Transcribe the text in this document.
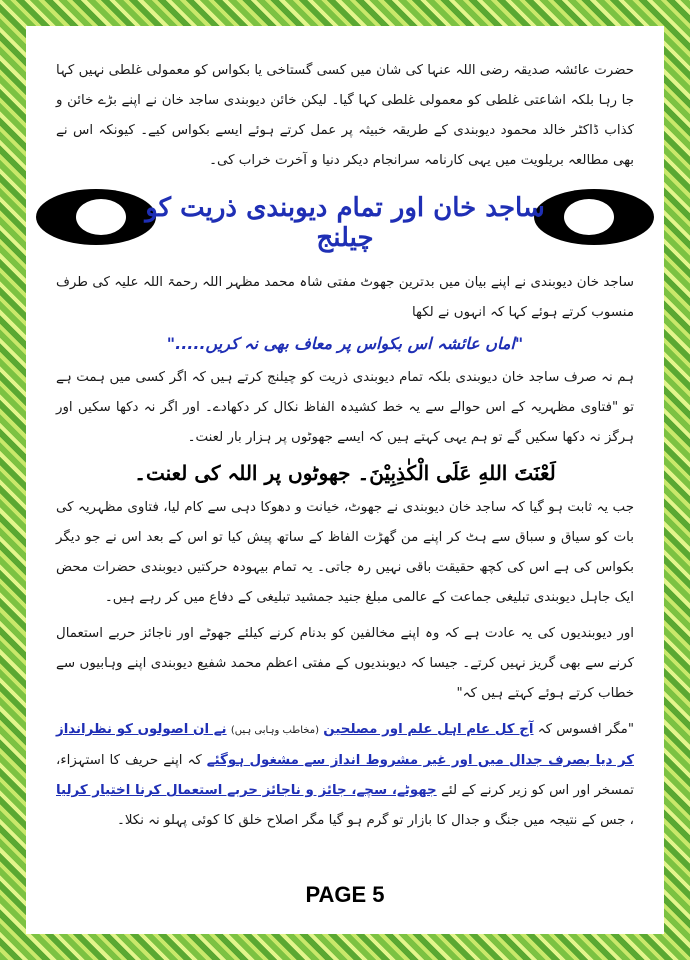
حضرت عائشہ صدیقہ رضی اللہ عنہا کی شان میں کسی گستاخی یا بکواس کو معمولی غلطی نہیں کہا جا رہا بلکہ اشاعتی غلطی کو معمولی غلطی کہا گیا۔ لیکن خائن دیوبندی ساجد خان نے اپنے بڑے خائن و کذاب ڈاکٹر خالد محمود دیوبندی کے طریقہ خبیثہ پر عمل کرتے ہوئے ایسے بکواس کیے۔ کیونکہ اس نے بھی مطالعہ بریلویت میں یہی کارنامہ سرانجام دیکر دنیا و آخرت خراب کی۔

ساجد خان دیوبندی نے اپنے بیان میں بدترین جھوٹ مفتی شاہ محمد مظہر اللہ رحمۃ اللہ علیہ کی طرف منسوب کرتے ہوئے کہا کہ انہوں نے لکھا

"اماں عائشہ اس بکواس پر معاف بھی نہ کریں....."

ہم نہ صرف ساجد خان دیوبندی بلکہ تمام دیوبندی ذریت کو چیلنج کرتے ہیں کہ اگر کسی میں ہمت ہے تو "فتاوی مظہریہ کے اس حوالے سے یہ خط کشیدہ الفاظ نکال کر دکھادے۔ اور اگر نہ دکھا سکیں اور ہرگز نہ دکھا سکیں گے تو ہم یہی کہتے ہیں کہ ایسے جھوٹوں پر ہزار بار لعنت۔

لَعْنَتَ اللهِ عَلَى الْكٰذِبِيْنَ۔ جھوٹوں پر اللہ کی لعنت۔

جب یہ ثابت ہو گیا کہ ساجد خان دیوبندی نے جھوٹ، خیانت و دھوکا دہی سے کام لیا، فتاوی مظہریہ کی بات کو سیاق و سباق سے ہٹ کر اپنے من گھڑت الفاظ کے ساتھ پیش کیا تو اس کے بعد اس نے جو دیگر بکواس کی ہے اس کی کچھ حقیقت باقی نہیں رہ جاتی۔ یہ تمام بیہودہ حرکتیں دیوبندی حضرات محض ایک جاہل دیوبندی تبلیغی جماعت کے عالمی مبلغ جنید جمشید تبلیغی کے دفاع میں کر رہے ہیں۔

اور دیوبندیوں کی یہ عادت ہے کہ وہ اپنے مخالفین کو بدنام کرنے کیلئے جھوٹے اور ناجائز حربے استعمال کرنے سے بھی گریز نہیں کرتے۔ جیسا کہ دیوبندیوں کے مفتی اعظم محمد شفیع دیوبندی اپنے وہابیوں سے خطاب کرتے ہوئے کہتے ہیں کہ"

"مگر افسوس کہ آج کل عام اہل علم اور مصلحین (مخاطب وہابی ہیں) نے ان اصولوں کو نظرانداز کر دیا بصرف جدال میں اور غیر مشروط انداز سے مشغول ہوگئے کہ اپنے حریف کا استہزاء، تمسخر اور اس کو زیر کرنے کے لئے جھوٹے، سچے، جائز و ناجائز حربے استعمال کرنا اختیار کرلیا ، جس کے نتیجہ میں جنگ و جدال کا بازار تو گرم ہو گیا مگر اصلاح خلق کا کوئی پہلو نہ نکلا۔

ساجد خان اور تمام دیوبندی ذریت کو چیلنج
PAGE 5
